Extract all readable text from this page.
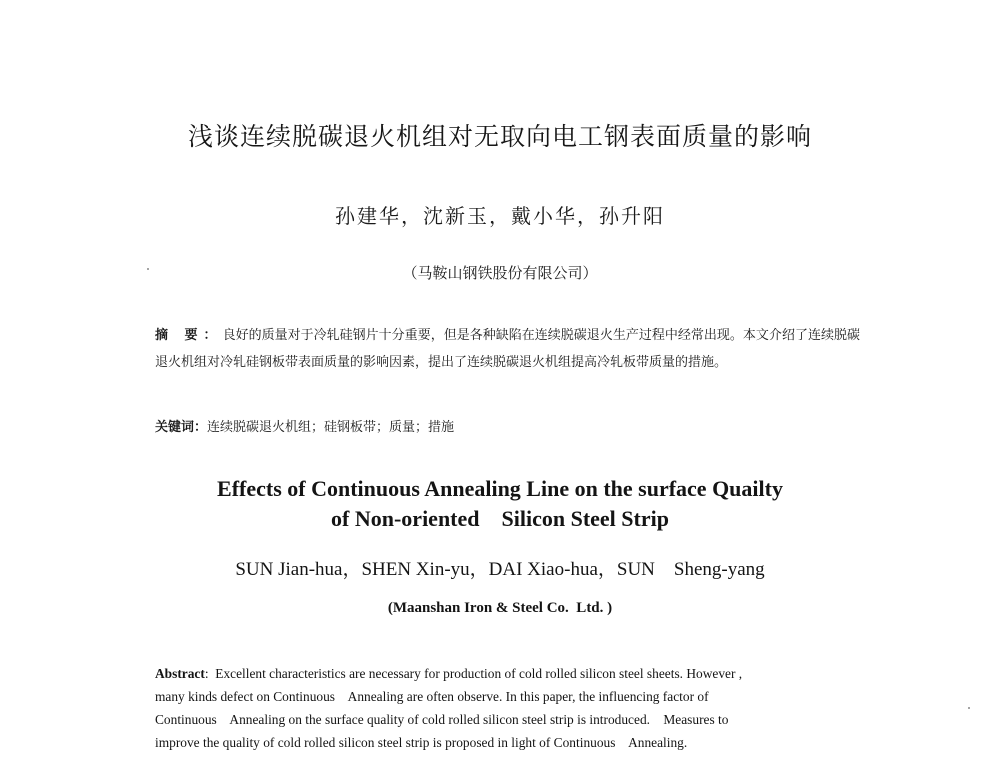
浅谈连续脱碳退火机组对无取向电工钢表面质量的影响
孙建华，沈新玉，戴小华，孙升阳
（马鞍山钢铁股份有限公司）

摘 要：良好的质量对于冷轧硅钢片十分重要，但是各种缺陷在连续脱碳退火生产过程中经常出现。本文介绍了连续脱碳退火机组对冷轧硅钢板带表面质量的影响因素，提出了连续脱碳退火机组提高冷轧板带质量的措施。

关键词：连续脱碳退火机组；硅钢板带；质量；措施

Effects of Continuous Annealing Line on the surface Quailty
of Non-oriented    Silicon Steel Strip
SUN Jian-hua，SHEN Xin-yu，DAI Xiao-hua，SUN    Sheng-yang
(Maanshan Iron & Steel Co.  Ltd. )
Abstract:  Excellent characteristics are necessary for production of cold rolled silicon steel sheets. However ,
many kinds defect on Continuous    Annealing are often observe. In this paper, the influencing factor of
Continuous    Annealing on the surface quality of cold rolled silicon steel strip is introduced.    Measures to
improve the quality of cold rolled silicon steel strip is proposed in light of Continuous    Annealing.
